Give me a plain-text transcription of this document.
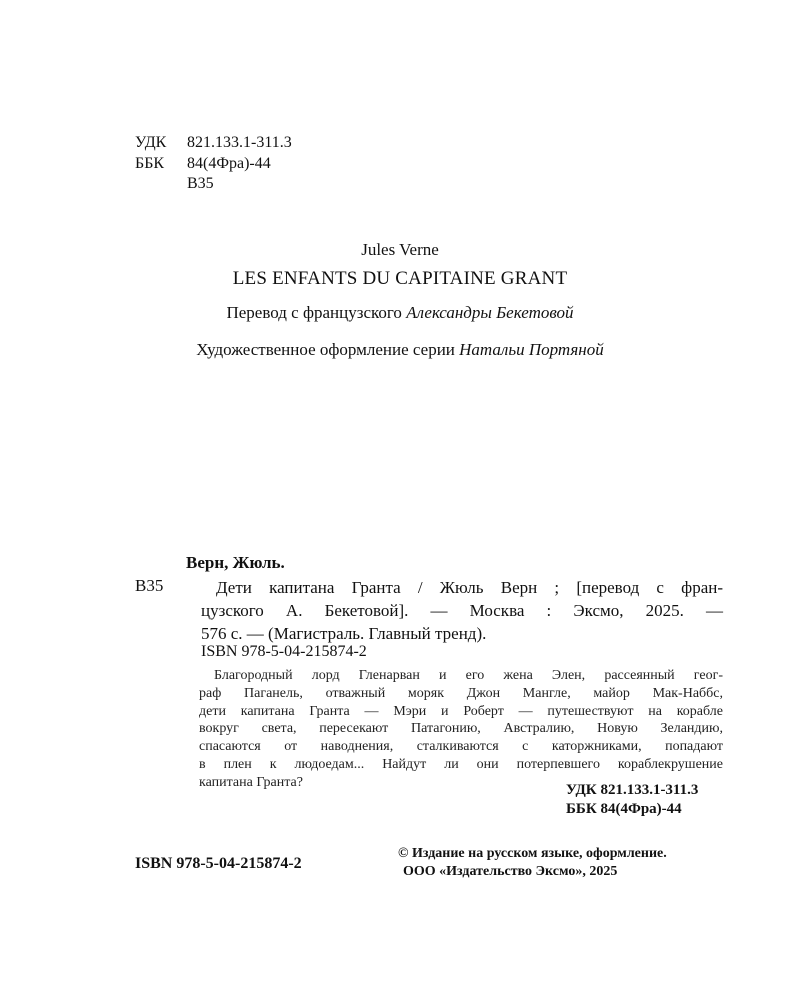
УДК	821.133.1-311.3
ББК	84(4Фра)-44
В35
Jules Verne
LES ENFANTS DU CAPITAINE GRANT
Перевод с французского Александры Бекетовой
Художественное оформление серии Натальи Портяной
Верн, Жюль.
В35	Дети капитана Гранта / Жюль Верн ; [перевод с фран-
цузского А. Бекетовой]. — Москва : Эксмо, 2025. —
576 с. — (Магистраль. Главный тренд).
ISBN 978-5-04-215874-2
Благородный лорд Гленарван и его жена Элен, рассеянный геог-
раф Паганель, отважный моряк Джон Мангле, майор Мак-Наббс,
дети капитана Гранта — Мэри и Роберт — путешествуют на корабле
вокруг света, пересекают Патагонию, Австралию, Новую Зеландию,
спасаются от наводнения, сталкиваются с каторжниками, попадают
в плен к людоедам... Найдут ли они потерпевшего кораблекрушение
капитана Гранта?	УДК 821.133.1-311.3
ББК 84(4Фра)-44
ISBN 978-5-04-215874-2
© Издание на русском языке, оформление.
ООО «Издательство Эксмо», 2025
